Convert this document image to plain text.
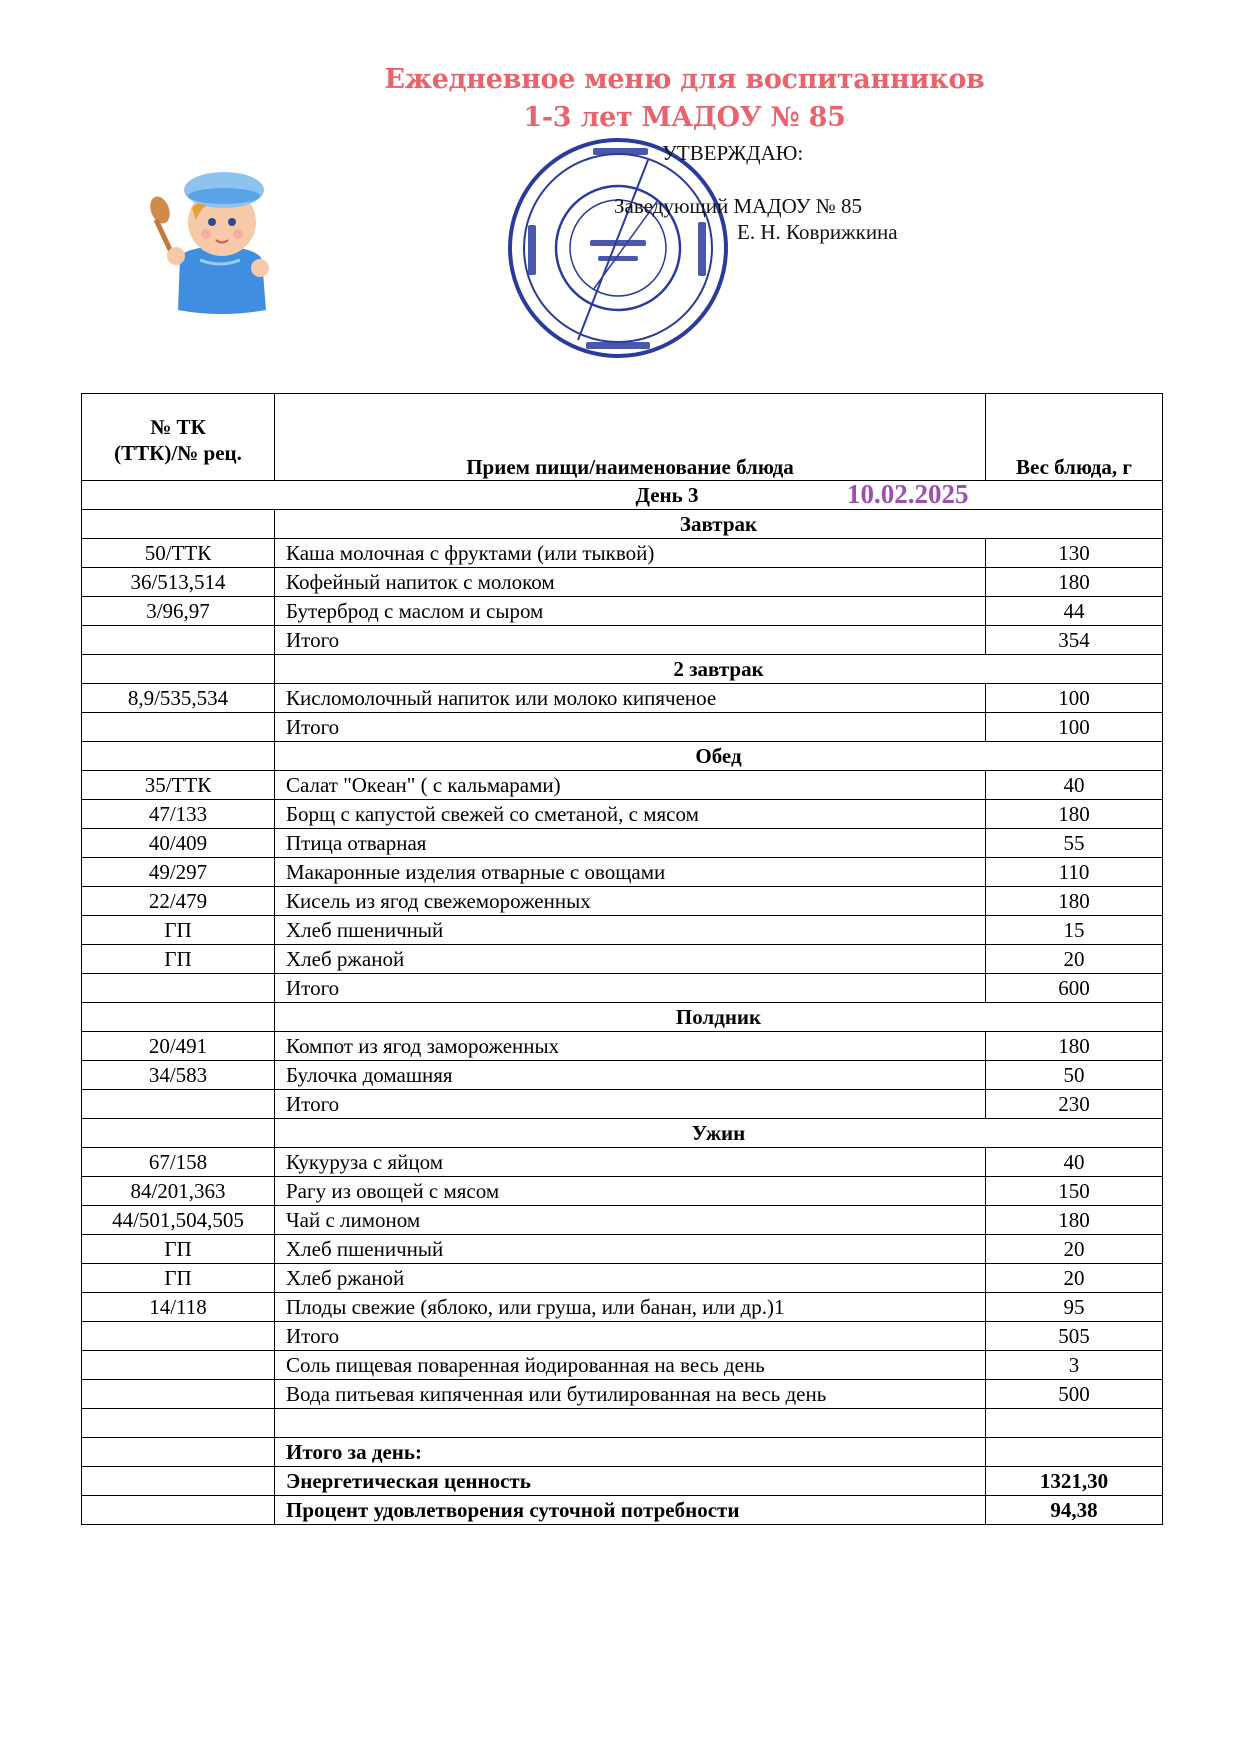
Ежедневное меню для воспитанников
1-3 лет МАДОУ № 85
УТВЕРЖДАЮ:
Заведующий МАДОУ № 85
Е. Н. Коврижкина
№ ТК
(ТТК)/№ рец.	Прием пищи/наименование блюда	Вес блюда, г
День 3 10.02.2025		

	Завтрак	
50/ТТК	Каша молочная с фруктами (или тыквой)	130
36/513,514	Кофейный напиток с молоком	180
3/96,97	Бутерброд с маслом и сыром	44
	Итого	354
	2 завтрак	
8,9/535,534	Кисломолочный напиток или молоко кипяченое	100
	Итого	100
	Обед	
35/ТТК	Салат "Океан" ( с кальмарами)	40
47/133	Борщ с капустой свежей со сметаной, с мясом	180
40/409	Птица отварная	55
49/297	Макаронные изделия отварные с овощами	110
22/479	Кисель из ягод свежемороженных	180
ГП	Хлеб пшеничный	15
ГП	Хлеб ржаной	20
	Итого	600
	Полдник	
20/491	Компот из ягод замороженных	180
34/583	Булочка домашняя	50
	Итого	230
	Ужин	
67/158	Кукуруза с яйцом	40
84/201,363	Рагу из овощей с мясом	150
44/501,504,505	Чай с лимоном	180
ГП	Хлеб пшеничный	20
ГП	Хлеб ржаной	20
14/118	Плоды свежие (яблоко, или груша, или банан, или др.)1	95
	Итого	505
	Соль пищевая поваренная йодированная на весь день	3
	Вода питьевая кипяченная или бутилированная на весь день	500

	Итого за день:	
	Энергетическая ценность	1321,30
	Процент удовлетворения суточной потребности	94,38
